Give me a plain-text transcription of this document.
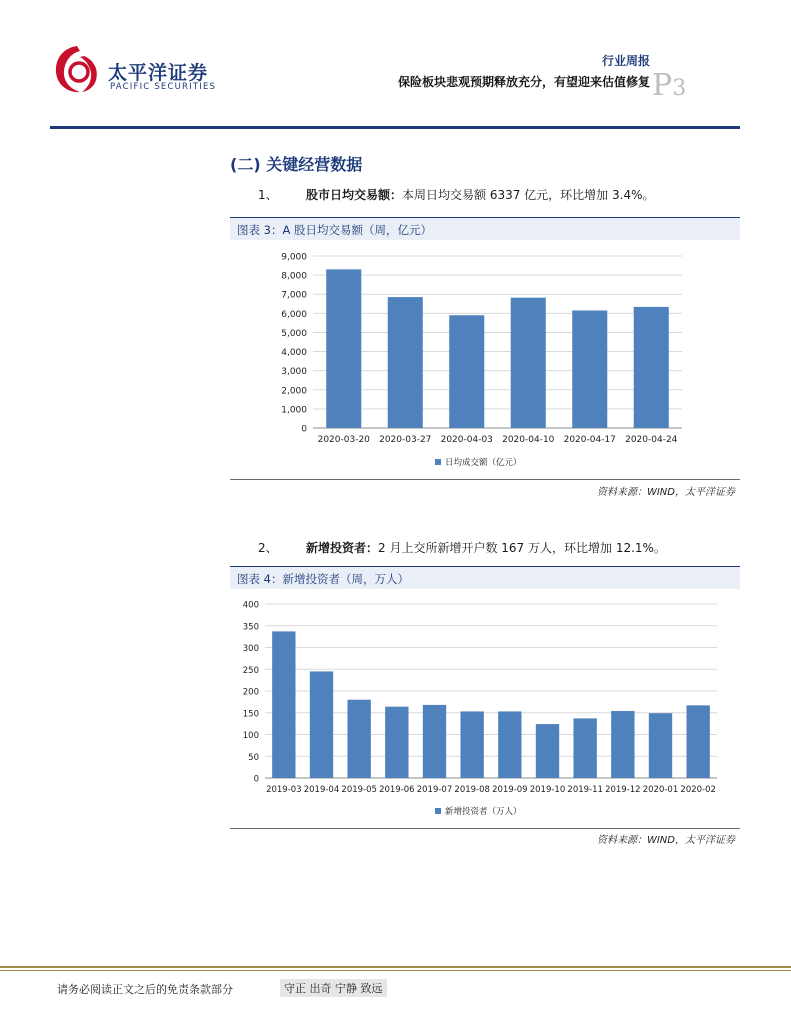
太平洋证券
PACIFIC SECURITIES
行业周报
保险板块悲观预期释放充分，有望迎来估值修复 P3
(二) 关键经营数据
1、 股市日均交易额：本周日均交易额 6337 亿元，环比增加 3.4%。
图表 3：A 股日均交易额（周，亿元）
0
1,000
2,000
3,000
4,000
5,000
6,000
7,000
8,000
9,000
2020-03-20 2020-03-27 2020-04-03 2020-04-10 2020-04-17 2020-04-24
日均成交额（亿元）
资料来源：WIND，太平洋证券
2、 新增投资者：2 月上交所新增开户数 167 万人，环比增加 12.1%。
图表 4：新增投资者（周，万人）
0
50
100
150
200
250
300
350
400
2019-03 2019-04 2019-05 2019-06 2019-07 2019-08 2019-09 2019-10 2019-11 2019-12 2020-01 2020-02
新增投资者（万人）
资料来源：WIND，太平洋证券
请务必阅读正文之后的免责条款部分	守正 出奇 宁静 致远
